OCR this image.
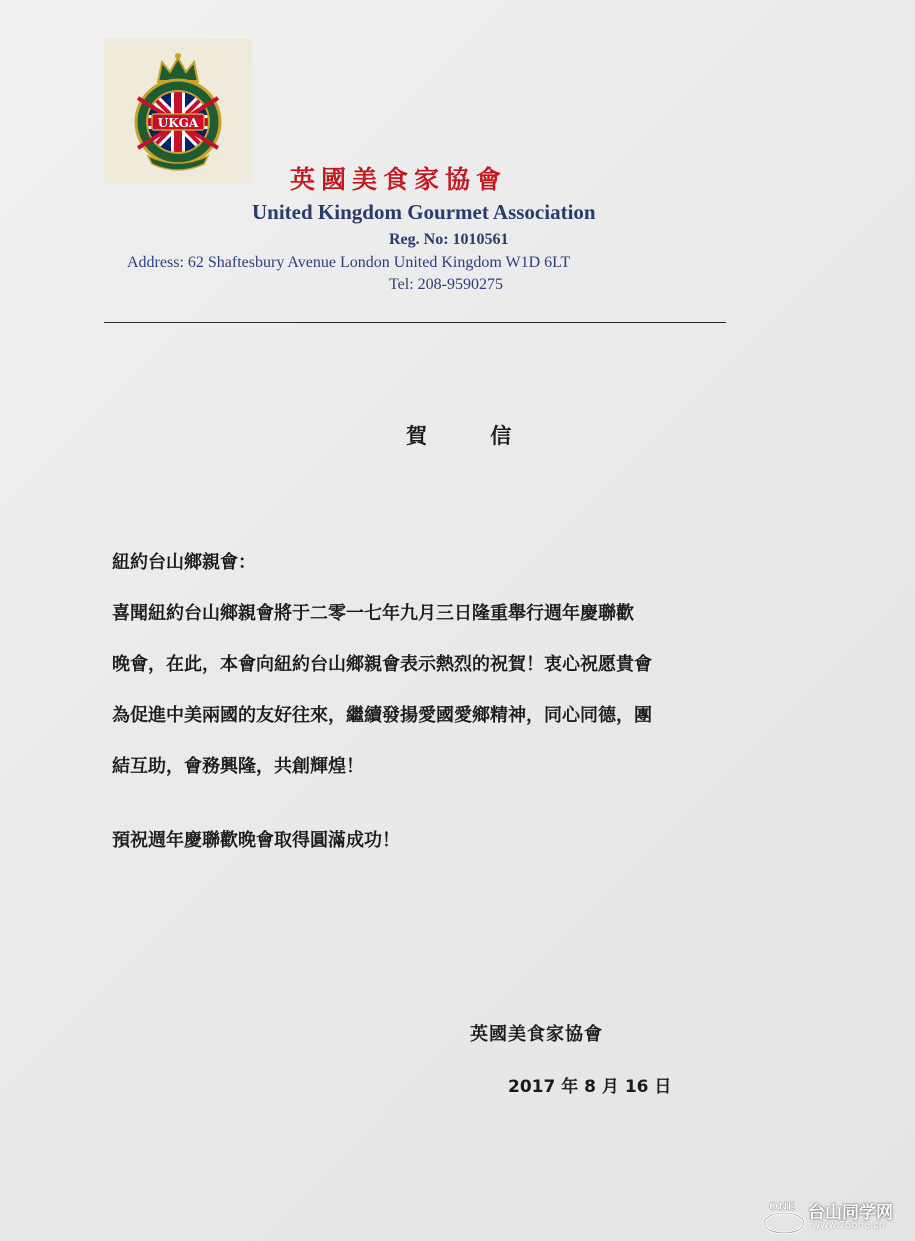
UKGA
英國美食家協會
United Kingdom Gourmet Association
Reg. No: 1010561
Address: 62 Shaftesbury Avenue London United Kingdom W1D 6LT
Tel: 208-9590275
賀 信
紐約台山鄉親會：
喜聞紐約台山鄉親會將于二零一七年九月三日隆重舉行週年慶聯歡
晚會，在此，本會向紐約台山鄉親會表示熱烈的祝賀！衷心祝愿貴會
為促進中美兩國的友好往來，繼續發揚愛國愛鄉精神，同心同德，團
結互助，會務興隆，共創輝煌！
預祝週年慶聯歡晚會取得圓滿成功！
英國美食家協會
2017 年 8 月 16 日
ONE 台山同学网
www.75one.cn
